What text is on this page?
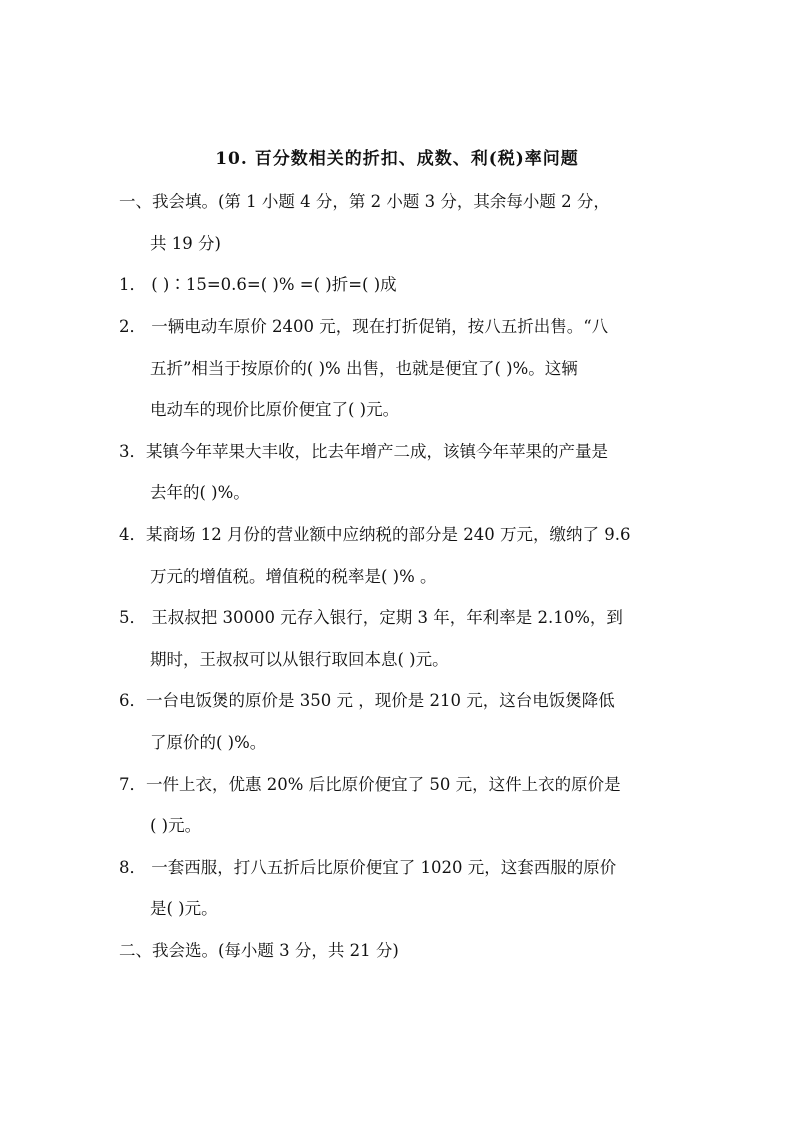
10. 百分数相关的折扣、成数、利(税)率问题
一、我会填。(第 1 小题 4 分，第 2 小题 3 分，其余每小题 2 分，
共 19 分)
1． ( )∶15=0.6=( )% =( )折=( )成
2． 一辆电动车原价 2400 元，现在打折促销，按八五折出售。“八
五折”相当于按原价的( )% 出售，也就是便宜了( )%。这辆
电动车的现价比原价便宜了( )元。
3．某镇今年苹果大丰收，比去年增产二成，该镇今年苹果的产量是
去年的( )%。
4．某商场 12 月份的营业额中应纳税的部分是 240 万元，缴纳了 9.6
万元的增值税。增值税的税率是( )% 。
5． 王叔叔把 30000 元存入银行，定期 3 年，年利率是 2.10%，到
期时，王叔叔可以从银行取回本息( )元。
6．一台电饭煲的原价是 350 元 ，现价是 210 元，这台电饭煲降低
了原价的( )%。
7．一件上衣，优惠 20% 后比原价便宜了 50 元，这件上衣的原价是
( )元。
8． 一套西服，打八五折后比原价便宜了 1020 元，这套西服的原价
是( )元。
二、我会选。(每小题 3 分，共 21 分)
